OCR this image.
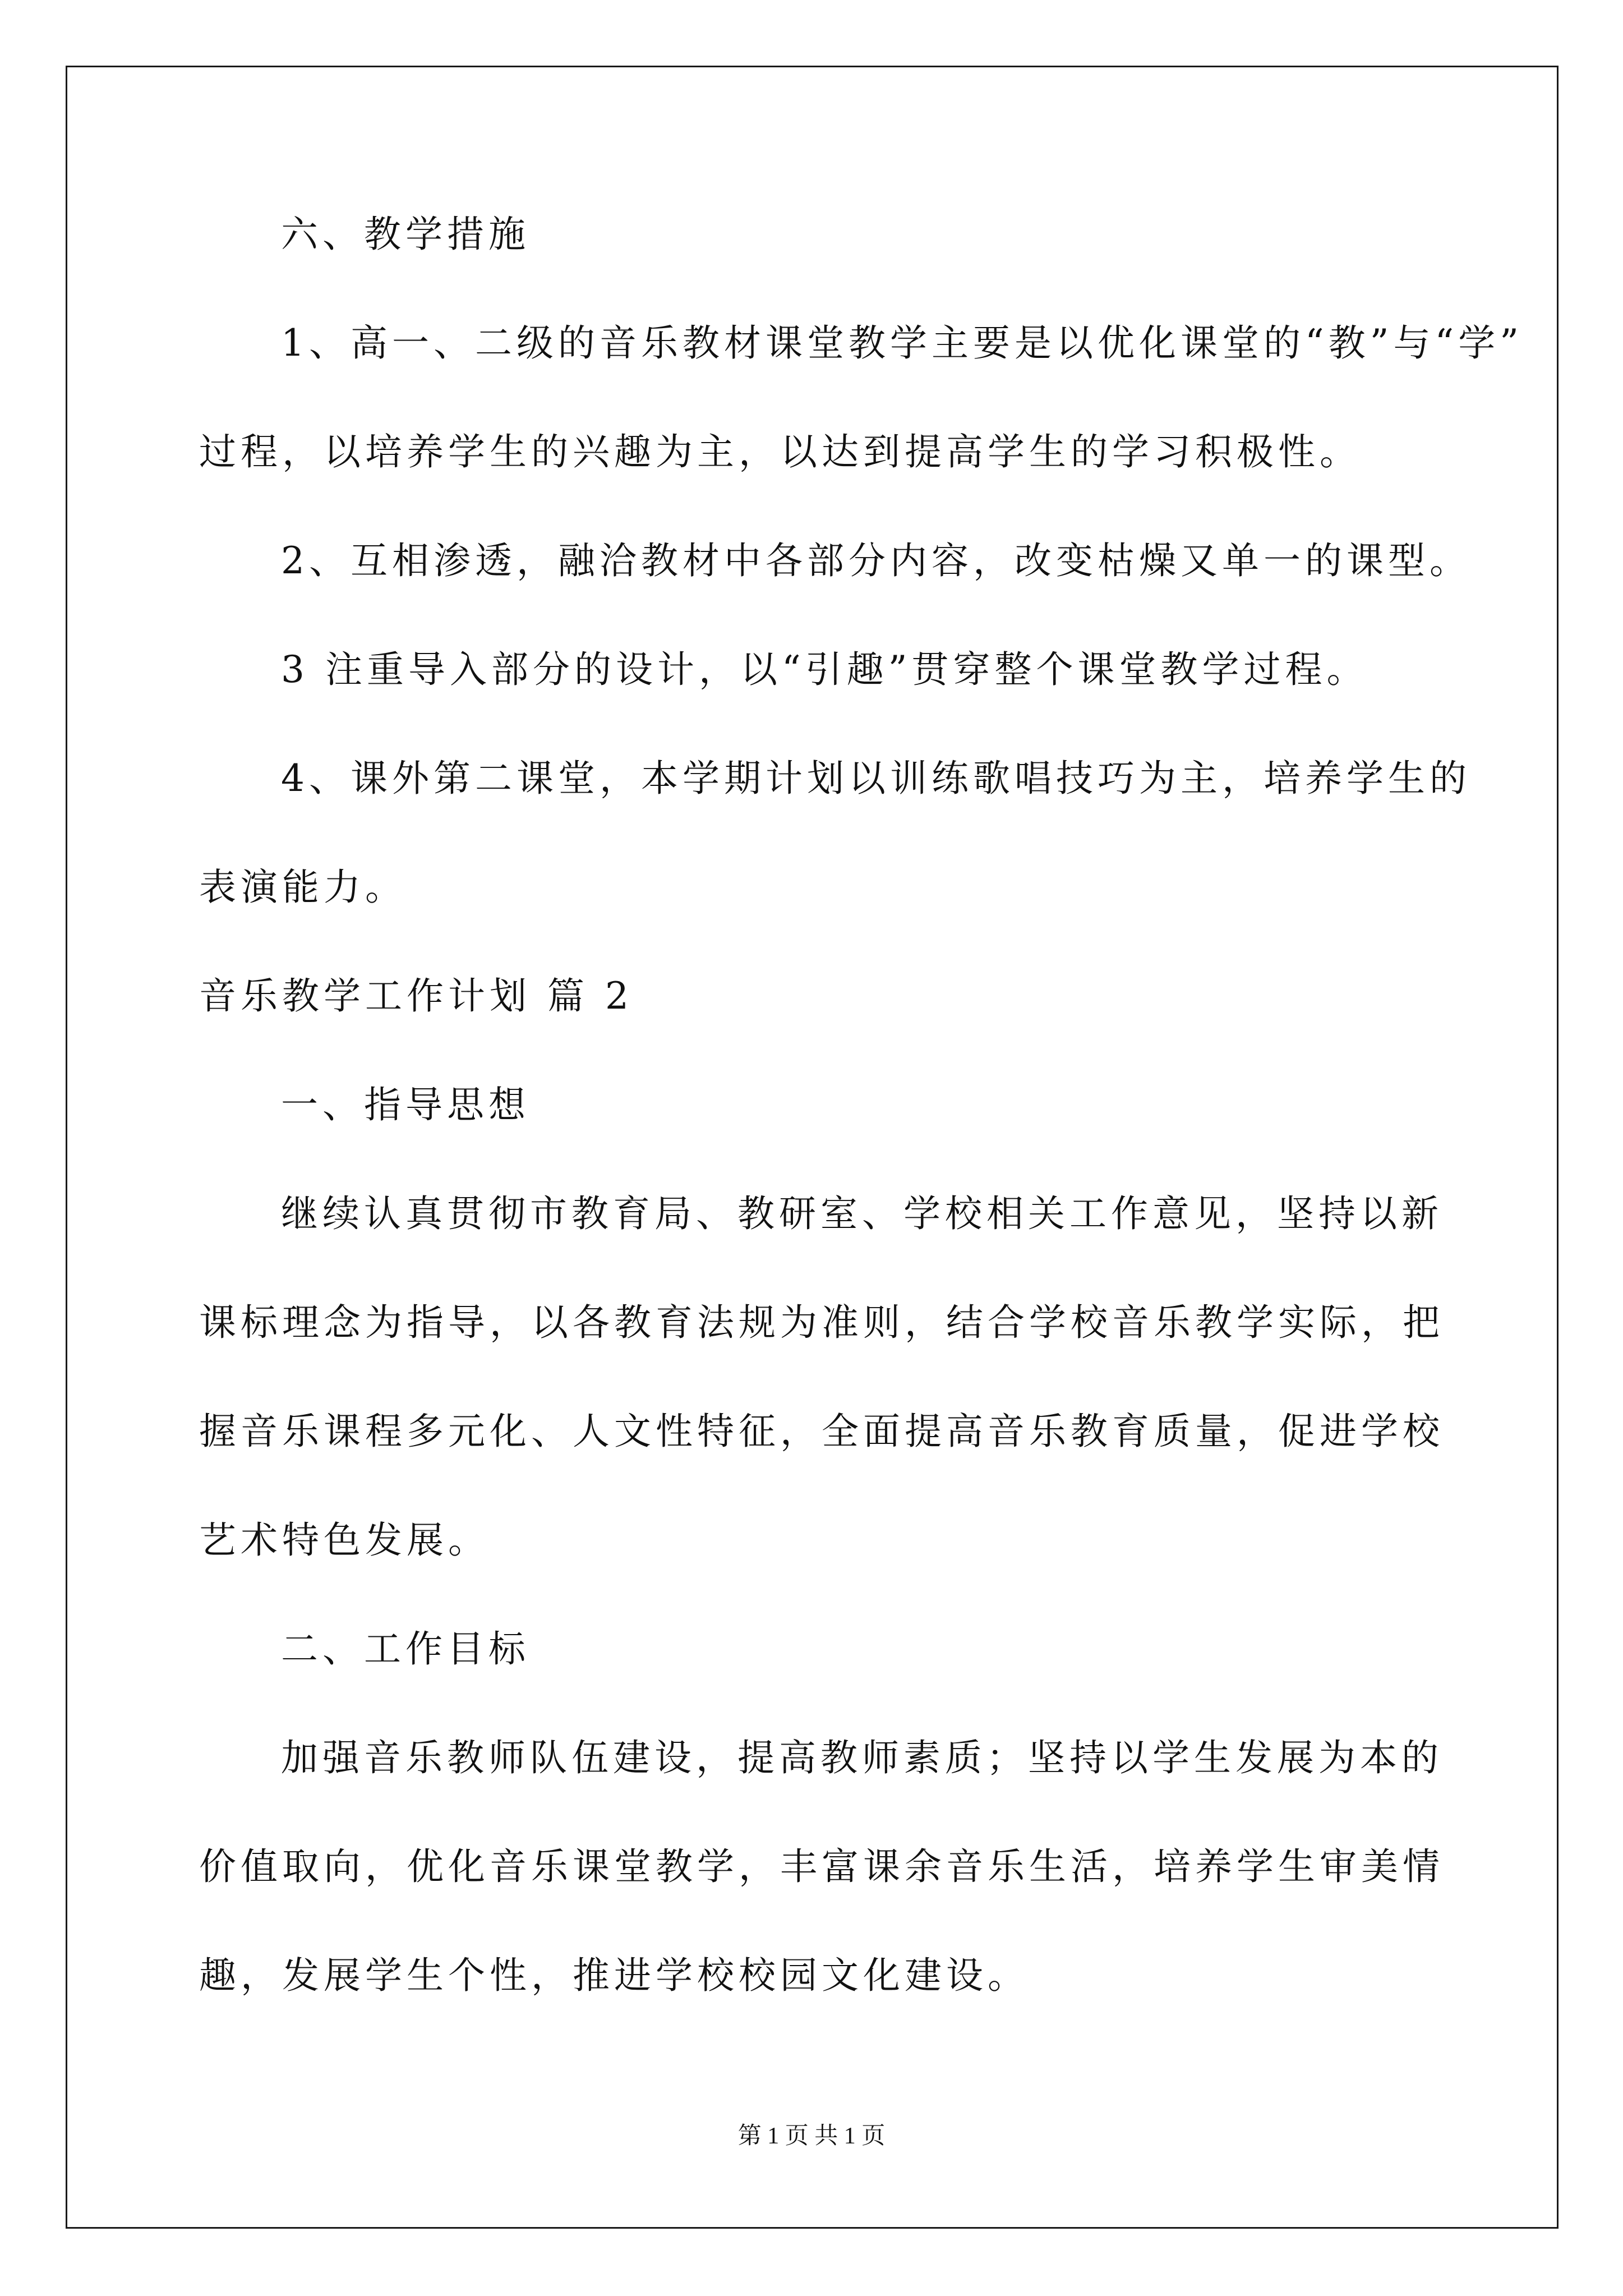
六、教学措施

1、高一、二级的音乐教材课堂教学主要是以优化课堂的“教”与“学”

过程，以培养学生的兴趣为主，以达到提高学生的学习积极性。

2、互相渗透，融洽教材中各部分内容，改变枯燥又单一的课型。

3 注重导入部分的设计，以“引趣”贯穿整个课堂教学过程。

4、课外第二课堂，本学期计划以训练歌唱技巧为主，培养学生的

表演能力。

音乐教学工作计划 篇 2

一、指导思想

继续认真贯彻市教育局、教研室、学校相关工作意见，坚持以新

课标理念为指导，以各教育法规为准则，结合学校音乐教学实际，把

握音乐课程多元化、人文性特征，全面提高音乐教育质量，促进学校

艺术特色发展。

二、工作目标

加强音乐教师队伍建设，提高教师素质；坚持以学生发展为本的

价值取向，优化音乐课堂教学，丰富课余音乐生活，培养学生审美情

趣，发展学生个性，推进学校校园文化建设。

第 1 页 共 1 页
